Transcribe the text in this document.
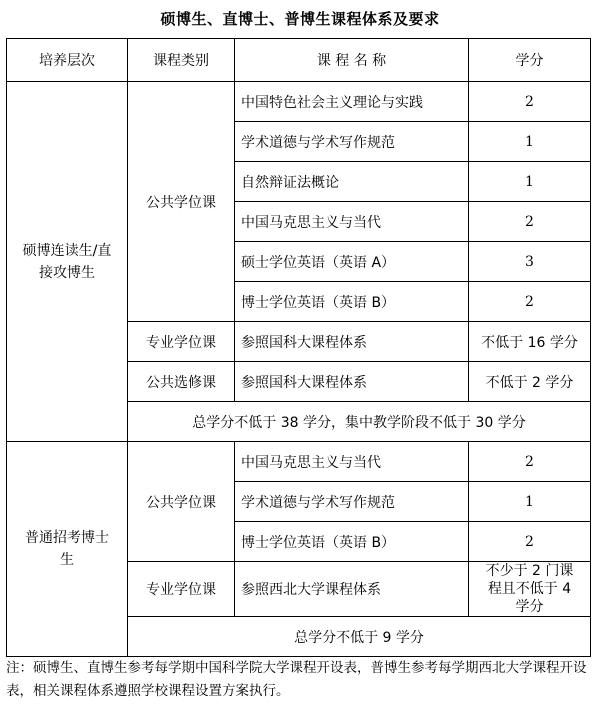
硕博生、直博士、普博生课程体系及要求
培养层次	课程类别	课 程 名 称	学分
硕博连读生/直接攻博生	公共学位课	中国特色社会主义理论与实践	2
		学术道德与学术写作规范	1
		自然辩证法概论	1
		中国马克思主义与当代	2
		硕士学位英语（英语 A）	3
		博士学位英语（英语 B）	2
	专业学位课	参照国科大课程体系	不低于 16 学分
	公共选修课	参照国科大课程体系	不低于 2 学分
	总学分不低于 38 学分，集中教学阶段不低于 30 学分		
普通招考博士生	公共学位课	中国马克思主义与当代	2
		学术道德与学术写作规范	1
		博士学位英语（英语 B）	2
	专业学位课	参照西北大学课程体系	不少于 2 门课程且不低于 4 学分
	总学分不低于 9 学分		
注：硕博生、直博生参考每学期中国科学院大学课程开设表，普博生参考每学期西北大学课程开设表，相关课程体系遵照学校课程设置方案执行。
